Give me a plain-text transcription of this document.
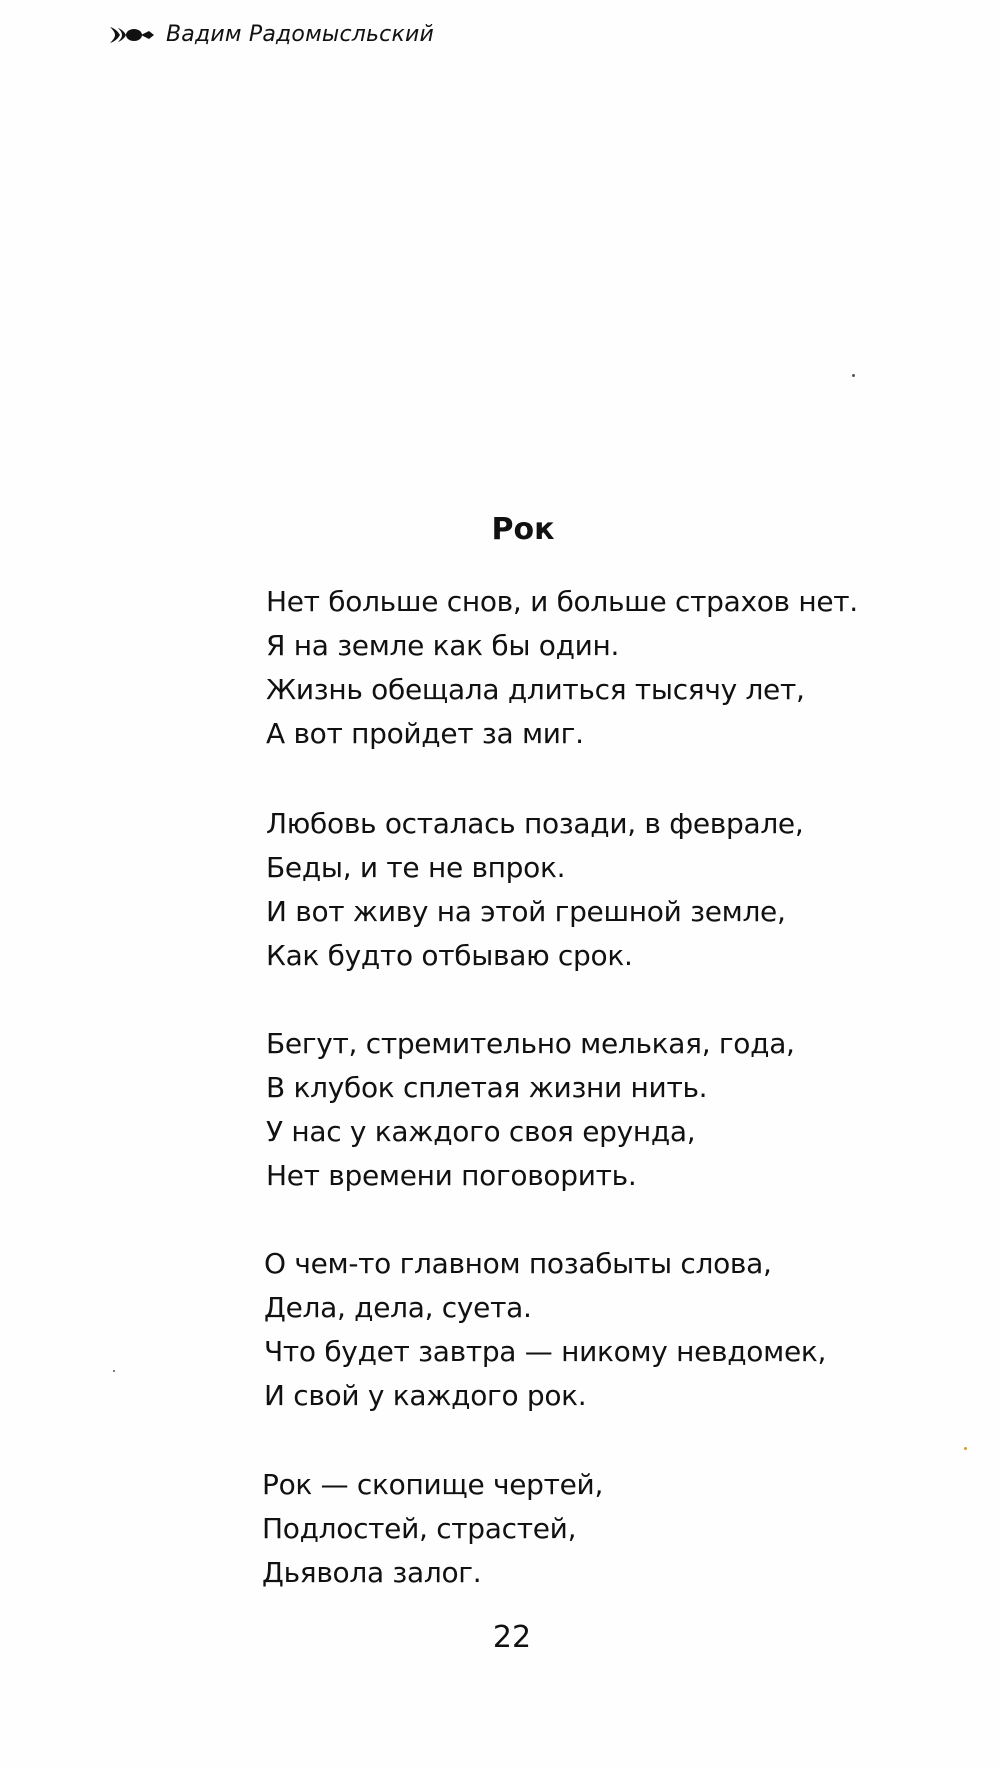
Вадим Радомысльский
Рок
Нет больше снов, и больше страхов нет.
Я на земле как бы один.
Жизнь обещала длиться тысячу лет,
А вот пройдет за миг.
Любовь осталась позади, в феврале,
Беды, и те не впрок.
И вот живу на этой грешной земле,
Как будто отбываю срок.
Бегут, стремительно мелькая, года,
В клубок сплетая жизни нить.
У нас у каждого своя ерунда,
Нет времени поговорить.
О чем-то главном позабыты слова,
Дела, дела, суета.
Что будет завтра — никому невдомек,
И свой у каждого рок.
Рок — скопище чертей,
Подлостей, страстей,
Дьявола залог.
22
